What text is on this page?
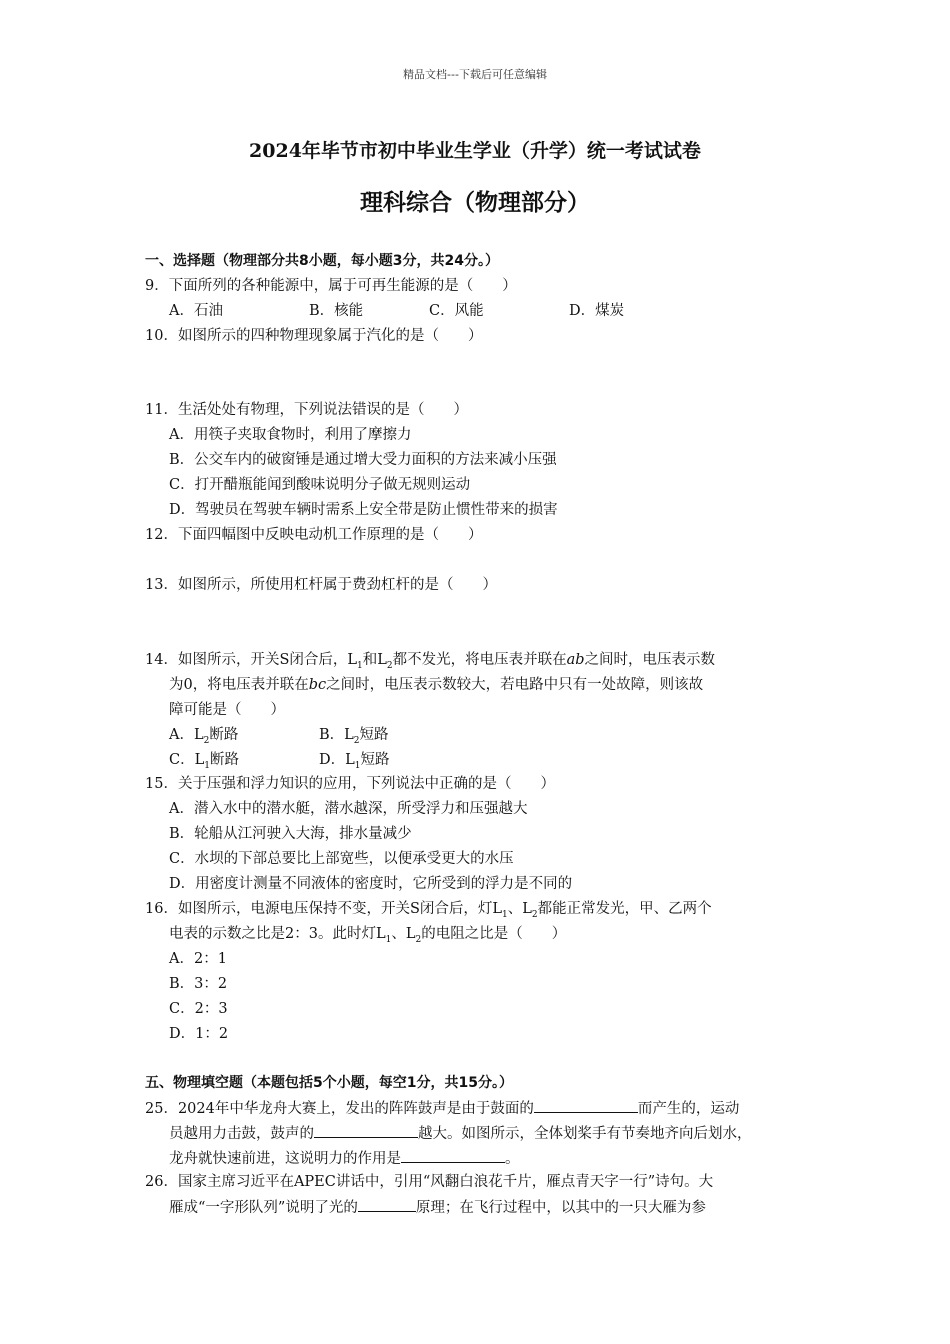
精品文档---下载后可任意编辑
2024年毕节市初中毕业生学业（升学）统一考试试卷
理科综合（物理部分）
一、选择题（物理部分共8小题，每小题3分，共24分。）
9．下面所列的各种能源中，属于可再生能源的是（　　）
A．石油	B．核能	C．风能	D．煤炭
10．如图所示的四种物理现象属于汽化的是（　　）
11．生活处处有物理，下列说法错误的是（　　）
A．用筷子夹取食物时，利用了摩擦力
B．公交车内的破窗锤是通过增大受力面积的方法来减小压强
C．打开醋瓶能闻到酸味说明分子做无规则运动
D．驾驶员在驾驶车辆时需系上安全带是防止惯性带来的损害
12．下面四幅图中反映电动机工作原理的是（　　）
13．如图所示，所使用杠杆属于费劲杠杆的是（　　）
14．如图所示，开关S闭合后，$L_1$和$L_2$都不发光，将电压表并联在ab之间时，电压表示数
为0，将电压表并联在bc之间时，电压表示数较大，若电路中只有一处故障，则该故
障可能是（　　）
A．$L_2$断路	B．$L_2$短路
C．$L_1$断路	D．$L_1$短路
15．关于压强和浮力知识的应用，下列说法中正确的是（　　）
A．潜入水中的潜水艇，潜水越深，所受浮力和压强越大
B．轮船从江河驶入大海，排水量减少
C．水坝的下部总要比上部宽些，以便承受更大的水压
D．用密度计测量不同液体的密度时，它所受到的浮力是不同的
16．如图所示，电源电压保持不变，开关S闭合后，灯$L_1$、$L_2$都能正常发光，甲、乙两个
电表的示数之比是2：3。此时灯$L_1$、$L_2$的电阻之比是（　　）
A．2：1
B．3：2
C．2：3
D．1：2
五、物理填空题（本题包括5个小题，每空1分，共15分。）
25．2024年中华龙舟大赛上，发出的阵阵鼓声是由于鼓面的	而产生的，运动
员越用力击鼓，鼓声的	越大。如图所示，全体划桨手有节奏地齐向后划水，
龙舟就快速前进，这说明力的作用是	。
26．国家主席习近平在APEC讲话中，引用“风翻白浪花千片，雁点青天字一行”诗句。大
雁成“一字形队列”说明了光的	原理；在飞行过程中，以其中的一只大雁为参
